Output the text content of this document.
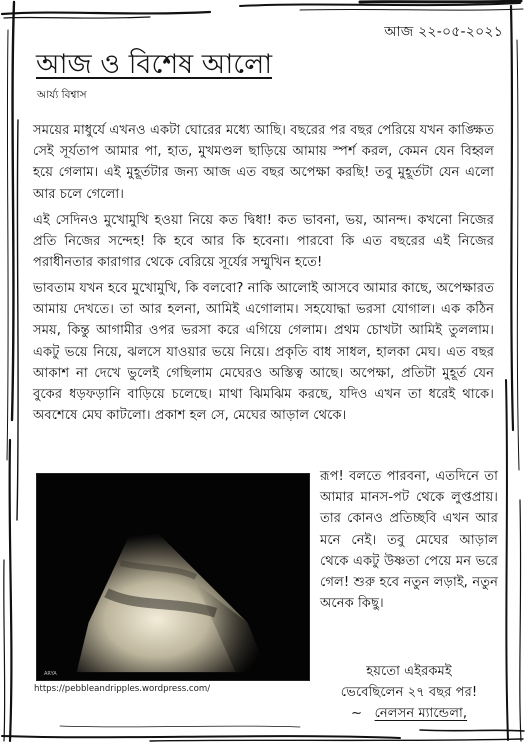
আজ ২২-০৫-২০২১
আজ ও বিশেষ আলো
আর্য্য বিশ্বাস

সময়ের মাধুর্যে এখনও একটা ঘোরের মধ্যে আছি। বছরের পর বছর পেরিয়ে যখন কাঙ্ক্ষিত সেই সূর্যতাপ আমার পা, হাত, মুখমণ্ডল ছাড়িয়ে আমায় স্পর্শ করল, কেমন যেন বিহ্বল হয়ে গেলাম। এই মুহূর্তটার জন্য আজ এত বছর অপেক্ষা করছি! তবু মুহূর্তটা যেন এলো আর চলে গেলো।

এই সেদিনও মুখোমুখি হওয়া নিয়ে কত দ্বিধা! কত ভাবনা, ভয়, আনন্দ। কখনো নিজের প্রতি নিজের সন্দেহ! কি হবে আর কি হবেনা। পারবো কি এত বছরের এই নিজের পরাধীনতার কারাগার থেকে বেরিয়ে সূর্যের সম্মুখিন হতে!

ভাবতাম যখন হবে মুখোমুখি, কি বলবো? নাকি আলোই আসবে আমার কাছে, অপেক্ষারত আমায় দেখতে। তা আর হলনা, আমিই এগোলাম। সহযোদ্ধা ভরসা যোগাল। এক কঠিন সময়, কিন্তু আগামীর ওপর ভরসা করে এগিয়ে গেলাম। প্রথম চোখটা আমিই তুললাম। একটু ভয়ে নিয়ে, ঝলসে যাওয়ার ভয়ে নিয়ে। প্রকৃতি বাধ সাধল, হালকা মেঘ। এত বছর আকাশ না দেখে ভুলেই গেছিলাম মেঘেরও অস্তিত্ব আছে। অপেক্ষা, প্রতিটা মুহূর্ত যেন বুকের ধড়ফড়ানি বাড়িয়ে চলেছে। মাথা ঝিমঝিম করছে, যদিও এখন তা ধরেই থাকে। অবশেষে মেঘ কাটলো। প্রকাশ হল সে, মেঘের আড়াল থেকে।

ARYA
https://pebbleandripples.wordpress.com/

রূপ! বলতে পারবনা, এতদিনে তা আমার মানস-পট থেকে লুপ্তপ্রায়। তার কোনও প্রতিচ্ছবি এখন আর মনে নেই। তবু মেঘের আড়াল থেকে একটু উষ্ণতা পেয়ে মন ভরে গেল! শুরু হবে নতুন লড়াই, নতুন অনেক কিছু।

হয়তো এইরকমই
ভেবেছিলেন ২৭ বছর পর!
~ নেলসন ম্যান্ডেলা,
